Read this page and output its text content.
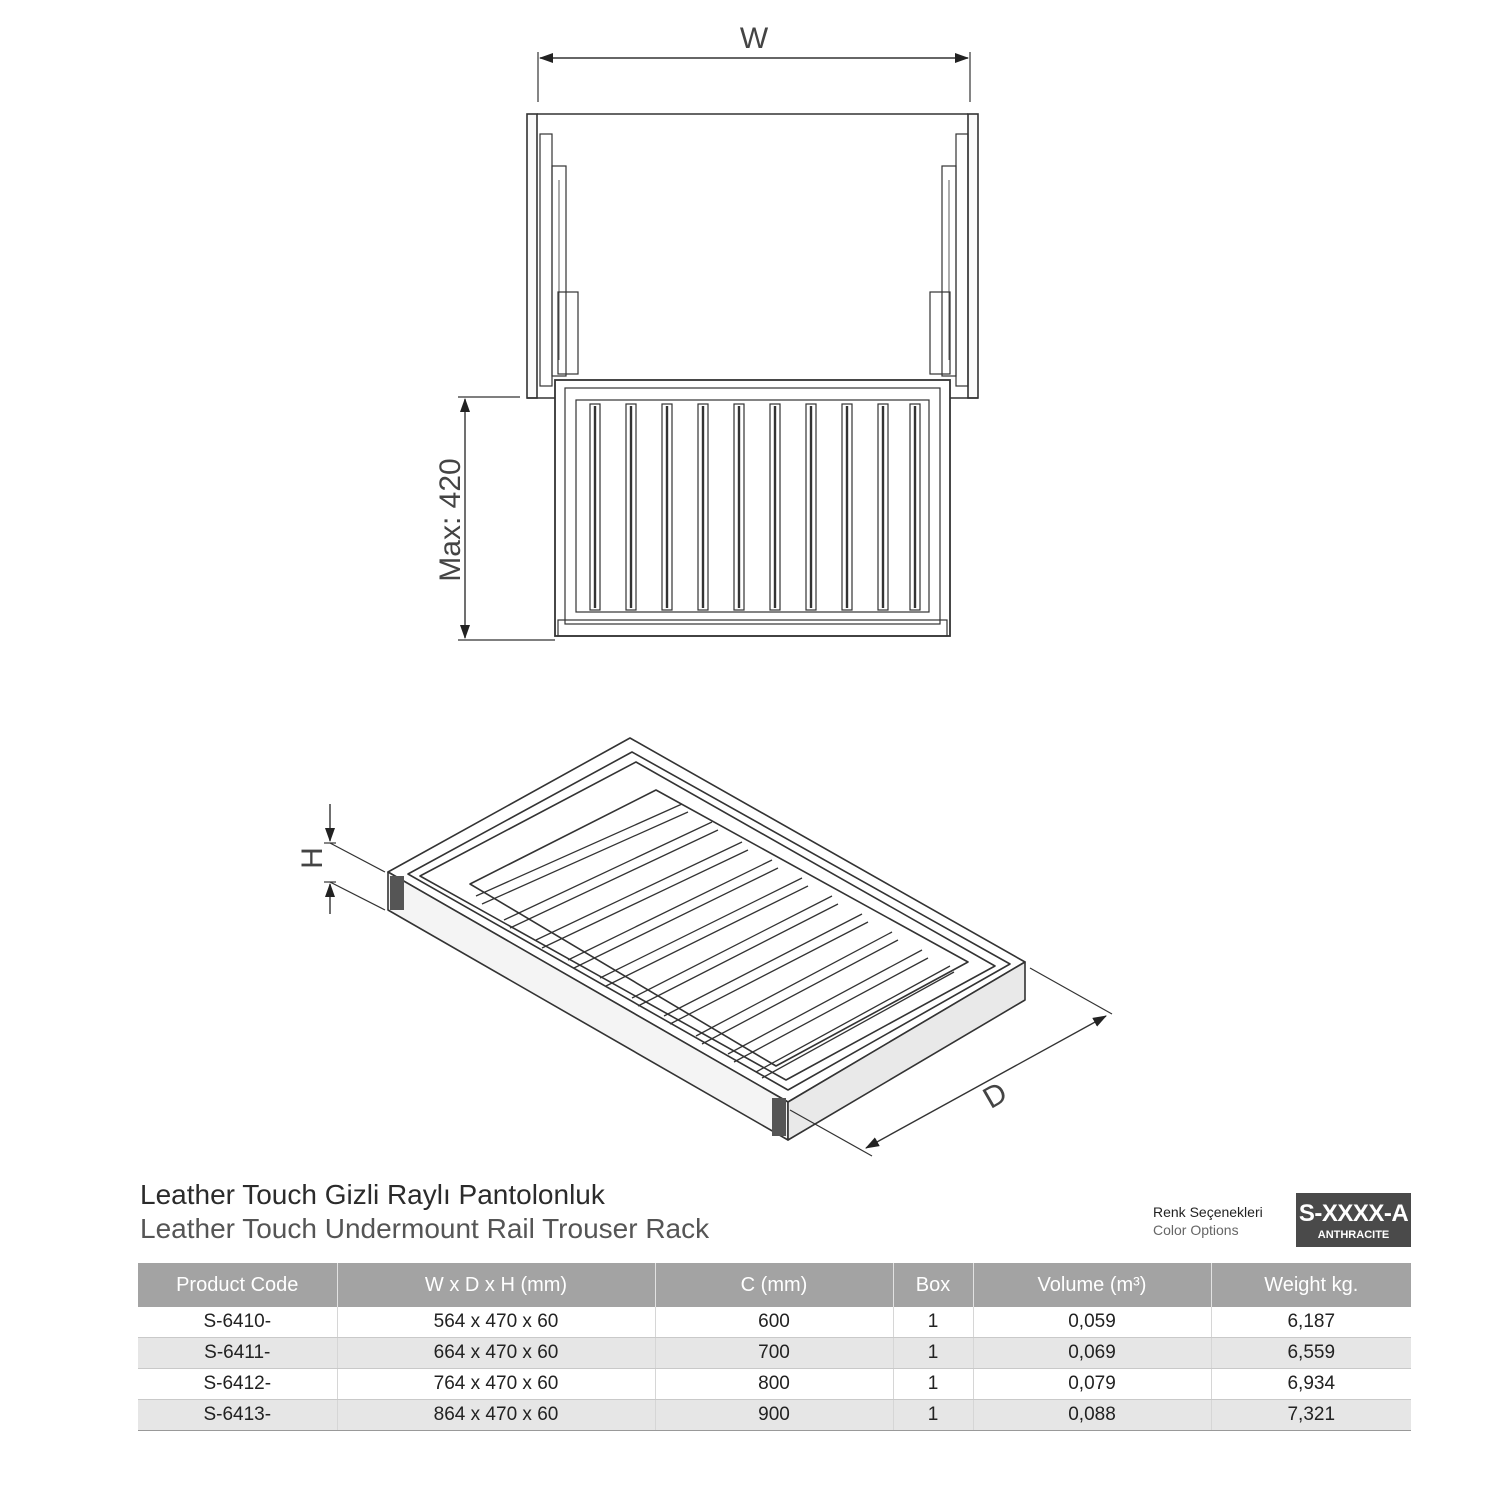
W
Max: 420
H
D
Leather Touch Gizli Raylı Pantolonluk
Leather Touch Undermount Rail Trouser Rack
Renk Seçenekleri
Color Options
S-XXXX-A
ANTHRACITE
Product Code	W x D x H (mm)	C (mm)	Box	Volume (m³)	Weight kg.
S-6410-	564 x 470 x 60	600	1	0,059	6,187
S-6411-	664 x 470 x 60	700	1	0,069	6,559
S-6412-	764 x 470 x 60	800	1	0,079	6,934
S-6413-	864 x 470 x 60	900	1	0,088	7,321
